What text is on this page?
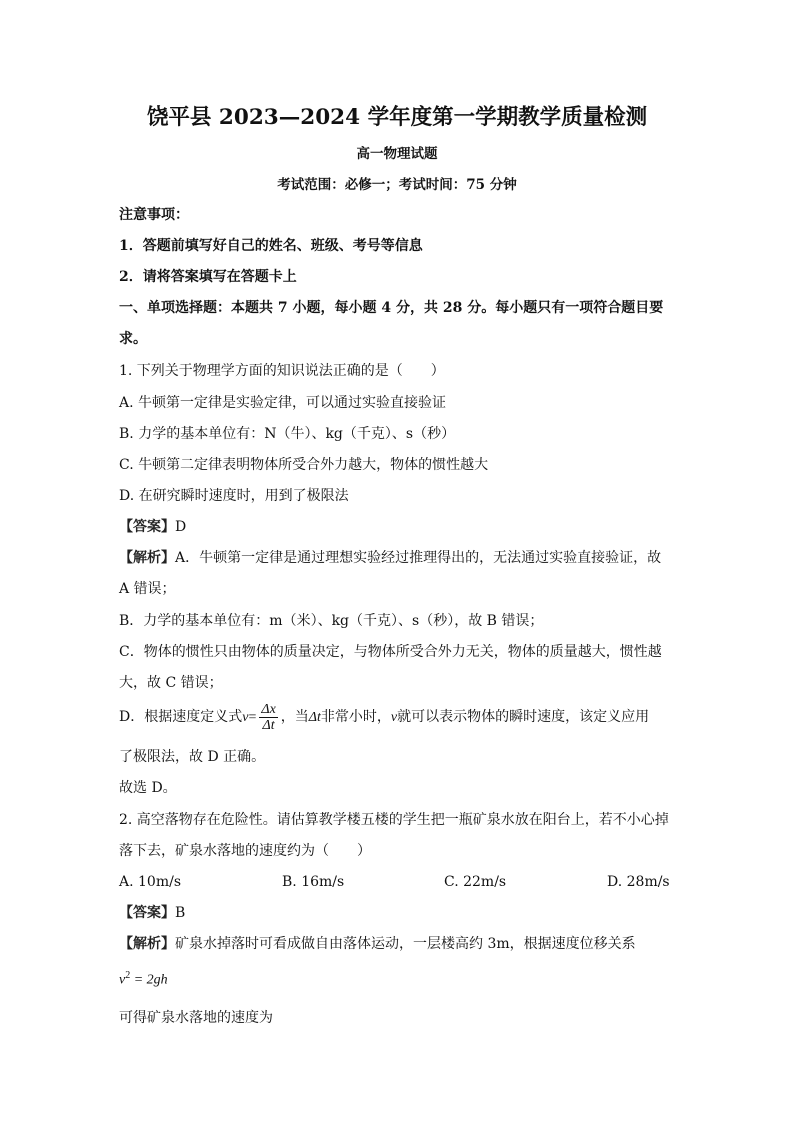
饶平县 2023—2024 学年度第一学期教学质量检测
高一物理试题
考试范围：必修一；考试时间：75 分钟
注意事项：
1．答题前填写好自己的姓名、班级、考号等信息
2．请将答案填写在答题卡上
一、单项选择题：本题共 7 小题，每小题 4 分，共 28 分。每小题只有一项符合题目要
求。
1. 下列关于物理学方面的知识说法正确的是（　　）
A. 牛顿第一定律是实验定律，可以通过实验直接验证
B. 力学的基本单位有：N（牛）、kg（千克）、s（秒）
C. 牛顿第二定律表明物体所受合外力越大，物体的惯性越大
D. 在研究瞬时速度时，用到了极限法
【答案】D
【解析】A．牛顿第一定律是通过理想实验经过推理得出的，无法通过实验直接验证，故
A 错误；
B．力学的基本单位有：m（米）、kg（千克）、s（秒），故 B 错误；
C．物体的惯性只由物体的质量决定，与物体所受合外力无关，物体的质量越大，惯性越
大，故 C 错误；
D．根据速度定义式$v= \frac{\Delta x}{\Delta t}$ ，当Δt非常小时，v就可以表示物体的瞬时速度，该定义应用
了极限法，故 D 正确。
故选 D。
2. 高空落物存在危险性。请估算教学楼五楼的学生把一瓶矿泉水放在阳台上，若不小心掉
落下去，矿泉水落地的速度约为（　　）
A. 10m/s	B. 16m/s	C. 22m/s	D. 28m/s
【答案】B
【解析】矿泉水掉落时可看成做自由落体运动，一层楼高约 3m，根据速度位移关系
$v^2 = 2gh$
可得矿泉水落地的速度为
